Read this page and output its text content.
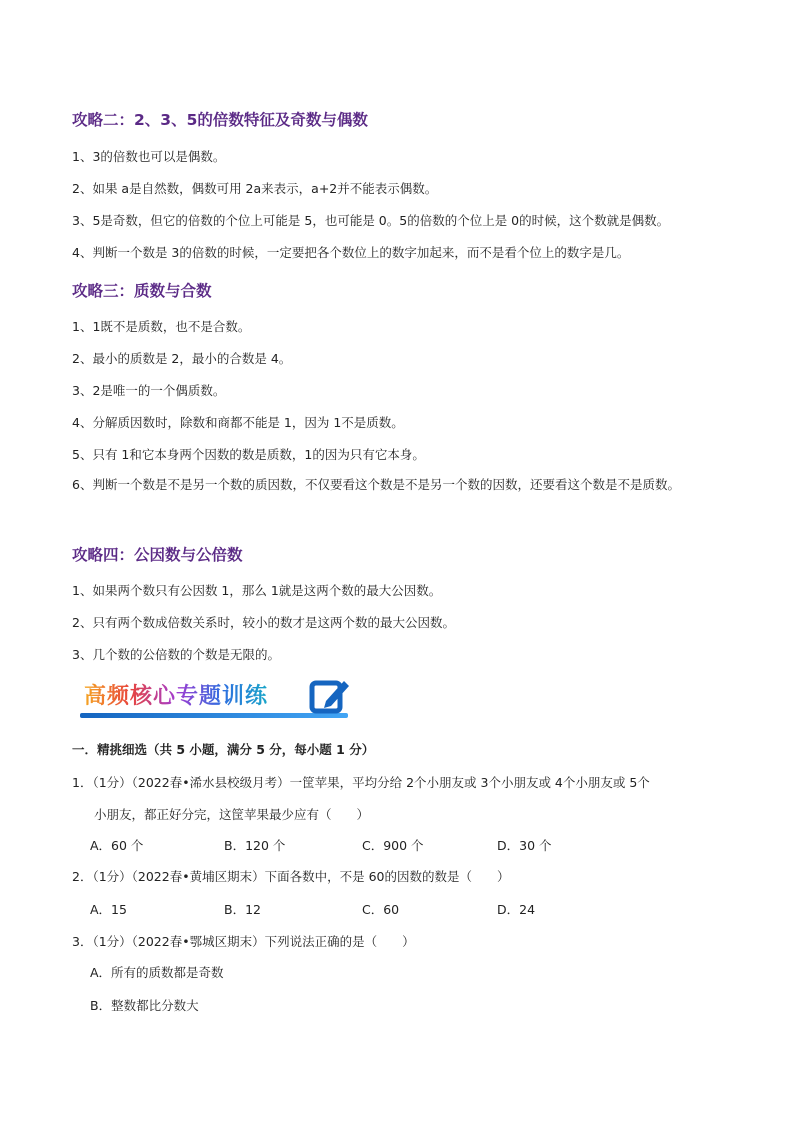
攻略二：2、3、5的倍数特征及奇数与偶数
1、3的倍数也可以是偶数。
2、如果 a是自然数，偶数可用 2a来表示，a+2并不能表示偶数。
3、5是奇数，但它的倍数的个位上可能是 5，也可能是 0。5的倍数的个位上是 0的时候，这个数就是偶数。
4、判断一个数是 3的倍数的时候，一定要把各个数位上的数字加起来，而不是看个位上的数字是几。
攻略三：质数与合数
1、1既不是质数，也不是合数。
2、最小的质数是 2，最小的合数是 4。
3、2是唯一的一个偶质数。
4、分解质因数时，除数和商都不能是 1，因为 1不是质数。
5、只有 1和它本身两个因数的数是质数，1的因为只有它本身。
6、判断一个数是不是另一个数的质因数，不仅要看这个数是不是另一个数的因数，还要看这个数是不是质数。
攻略四：公因数与公倍数
1、如果两个数只有公因数 1，那么 1就是这两个数的最大公因数。
2、只有两个数成倍数关系时，较小的数才是这两个数的最大公因数。
3、几个数的公倍数的个数是无限的。
高频核心专题训练
一．精挑细选（共 5 小题，满分 5 分，每小题 1 分）
1．（1分）（2022春•浠水县校级月考）一筐苹果，平均分给 2个小朋友或 3个小朋友或 4个小朋友或 5个
小朋友，都正好分完，这筐苹果最少应有（　　）
A．60 个	B．120 个	C．900 个	D．30 个
2．（1分）（2022春•黄埔区期末）下面各数中，不是 60的因数的数是（　　）
A．15	B．12	C．60	D．24
3．（1分）（2022春•鄂城区期末）下列说法正确的是（　　）
A．所有的质数都是奇数
B．整数都比分数大
